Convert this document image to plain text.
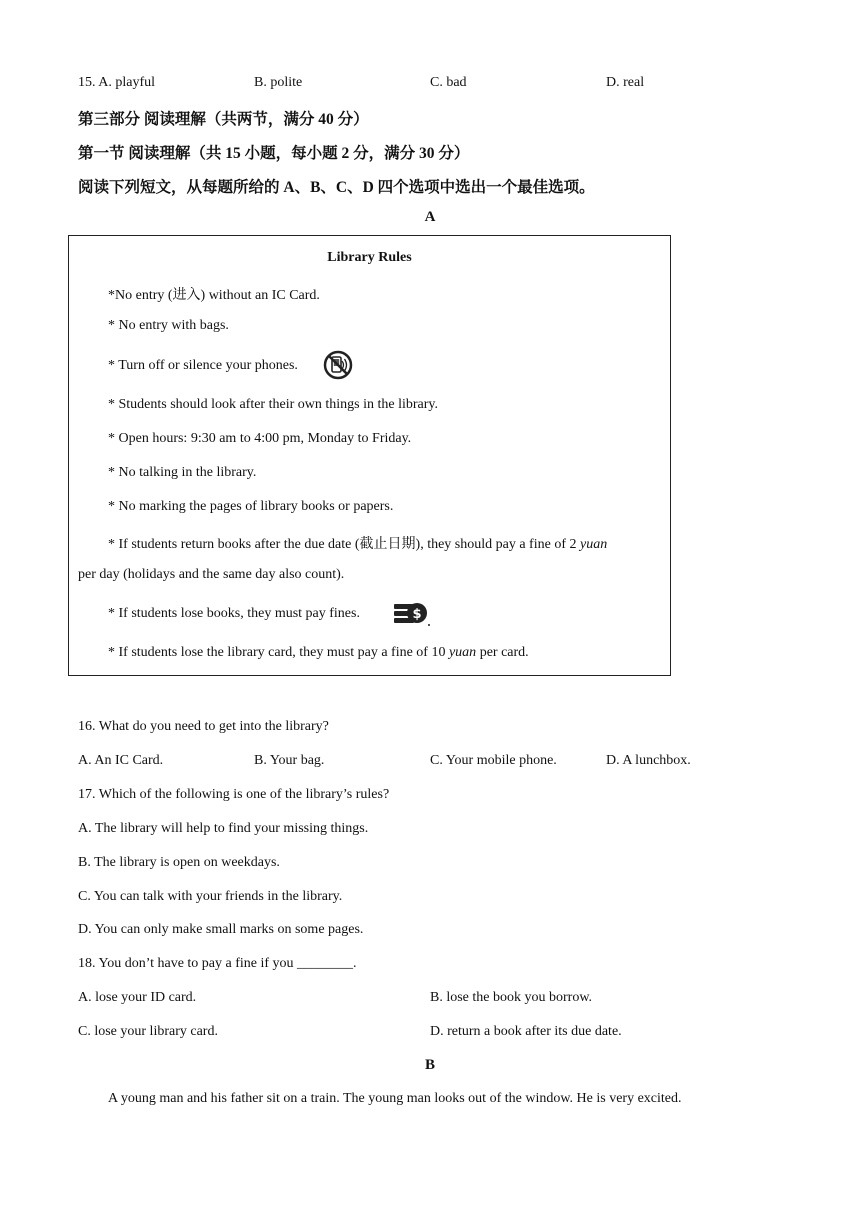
15. A. playful	B. polite	C. bad	D. real
第三部分 阅读理解（共两节，满分 40 分）
第一节 阅读理解（共 15 小题，每小题 2 分，满分 30 分）
阅读下列短文，从每题所给的 A、B、C、D 四个选项中选出一个最佳选项。
A
Library Rules
*No entry (进入) without an IC Card.
* No entry with bags.
* Turn off or silence your phones.
* Students should look after their own things in the library.
* Open hours: 9:30 am to 4:00 pm, Monday to Friday.
* No talking in the library.
* No marking the pages of library books or papers.
* If students return books after the due date (截止日期), they should pay a fine of 2 yuan
per day (holidays and the same day also count).
* If students lose books, they must pay fines.	$
* If students lose the library card, they must pay a fine of 10 yuan per card.
16. What do you need to get into the library?
A. An IC Card.	B. Your bag.	C. Your mobile phone.	D. A lunchbox.
17. Which of the following is one of the library’s rules?
A. The library will help to find your missing things.
B. The library is open on weekdays.
C. You can talk with your friends in the library.
D. You can only make small marks on some pages.
18. You don’t have to pay a fine if you ________.
A. lose your ID card.	B. lose the book you borrow.
C. lose your library card.	D. return a book after its due date.
B
A young man and his father sit on a train. The young man looks out of the window. He is very excited.
